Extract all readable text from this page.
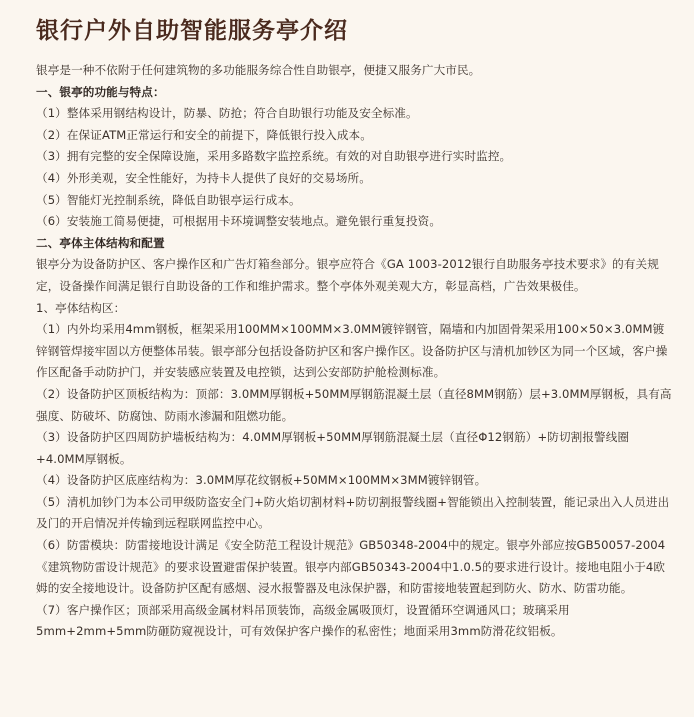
银行户外自助智能服务亭介绍

银亭是一种不依附于任何建筑物的多功能服务综合性自助银亭，便捷又服务广大市民。

一、银亭的功能与特点：

（1）整体采用钢结构设计，防暴、防抢；符合自助银行功能及安全标准。

（2）在保证ATM正常运行和安全的前提下，降低银行投入成本。

（3）拥有完整的安全保障设施，采用多路数字监控系统。有效的对自助银亭进行实时监控。

（4）外形美观，安全性能好，为持卡人提供了良好的交易场所。

（5）智能灯光控制系统，降低自助银亭运行成本。

（6）安装施工简易便捷，可根据用卡环境调整安装地点。避免银行重复投资。

二、亭体主体结构和配置

银亭分为设备防护区、客户操作区和广告灯箱叁部分。银亭应符合《GA 1003-2012银行自助服务亭技术要求》的有关规定，设备操作间满足银行自助设备的工作和维护需求。整个亭体外观美观大方，彰显高档，广告效果极佳。

1、亭体结构区：

（1）内外均采用4mm钢板，框架采用100MM×100MM×3.0MM镀锌钢管，隔墙和内加固骨架采用100×50×3.0MM镀锌钢管焊接牢固以方便整体吊装。银亭部分包括设备防护区和客户操作区。设备防护区与清机加钞区为同一个区域，客户操作区配备手动防护门，并安装感应装置及电控锁，达到公安部防护舱检测标准。

（2）设备防护区顶板结构为：顶部：3.0MM厚钢板+50MM厚钢筋混凝土层（直径8MM钢筋）层+3.0MM厚钢板，具有高强度、防破坏、防腐蚀、防雨水渗漏和阻燃功能。

（3）设备防护区四周防护墙板结构为：4.0MM厚钢板+50MM厚钢筋混凝土层（直径Φ12钢筋）+防切割报警线圈+4.0MM厚钢板。

（4）设备防护区底座结构为：3.0MM厚花纹钢板+50MM×100MM×3MM镀锌钢管。

（5）清机加钞门为本公司甲级防盗安全门+防火焰切割材料+防切割报警线圈+智能锁出入控制装置，能记录出入人员进出及门的开启情况并传输到远程联网监控中心。

（6）防雷模块：防雷接地设计满足《安全防范工程设计规范》GB50348-2004中的规定。银亭外部应按GB50057-2004《建筑物防雷设计规范》的要求设置避雷保护装置。银亭内部GB50343-2004中1.0.5的要求进行设计。接地电阻小于4欧姆的安全接地设计。设备防护区配有感烟、浸水报警器及电泳保护器，和防雷接地装置起到防火、防水、防雷功能。

（7）客户操作区；顶部采用高级金属材料吊顶装饰，高级金属吸顶灯，设置循环空调通风口；玻璃采用5mm+2mm+5mm防砸防窥视设计，可有效保护客户操作的私密性；地面采用3mm防滑花纹铝板。
